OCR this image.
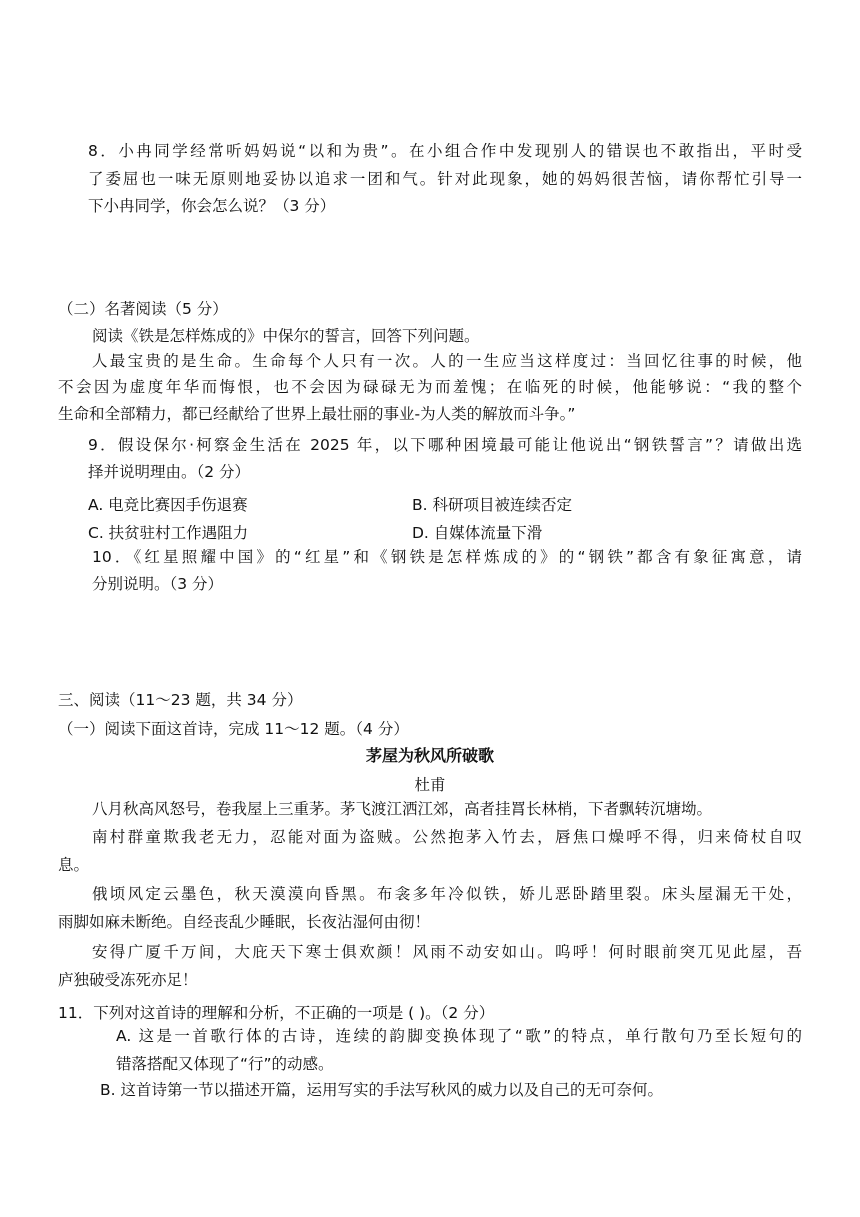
8．小冉同学经常听妈妈说“以和为贵”。在小组合作中发现别人的错误也不敢指出，平时受
了委屈也一味无原则地妥协以追求一团和气。针对此现象，她的妈妈很苦恼，请你帮忙引导一
下小冉同学，你会怎么说？（3 分）
（二）名著阅读（5 分）
阅读《铁是怎样炼成的》中保尔的誓言，回答下列问题。
人最宝贵的是生命。生命每个人只有一次。人的一生应当这样度过：当回忆往事的时候，他
不会因为虚度年华而悔恨，也不会因为碌碌无为而羞愧；在临死的时候，他能够说：“我的整个
生命和全部精力，都已经献给了世界上最壮丽的事业-为人类的解放而斗争。”
9．假设保尔·柯察金生活在 2025 年，以下哪种困境最可能让他说出“钢铁誓言”？请做出选
择并说明理由。（2 分）
A. 电竞比赛因手伤退赛	B. 科研项目被连续否定
C. 扶贫驻村工作遇阻力	D. 自媒体流量下滑
10．《红星照耀中国》的“红星”和《钢铁是怎样炼成的》的“钢铁”都含有象征寓意，请
分别说明。（3 分）
三、阅读（11～23 题，共 34 分）
（一）阅读下面这首诗，完成 11～12 题。（4 分）
茅屋为秋风所破歌
杜甫
八月秋高风怒号，卷我屋上三重茅。茅飞渡江洒江郊，高者挂罥长林梢，下者飘转沉塘坳。
南村群童欺我老无力，忍能对面为盗贼。公然抱茅入竹去，唇焦口燥呼不得，归来倚杖自叹
息。
俄顷风定云墨色，秋天漠漠向昏黑。布衾多年冷似铁，娇儿恶卧踏里裂。床头屋漏无干处，
雨脚如麻未断绝。自经丧乱少睡眠，长夜沾湿何由彻！
安得广厦千万间，大庇天下寒士俱欢颜！风雨不动安如山。呜呼！何时眼前突兀见此屋，吾
庐独破受冻死亦足！
11．下列对这首诗的理解和分析，不正确的一项是 ( )。（2 分）
A. 这是一首歌行体的古诗，连续的韵脚变换体现了“歌”的特点，单行散句乃至长短句的
错落搭配又体现了“行”的动感。
B. 这首诗第一节以描述开篇，运用写实的手法写秋风的威力以及自己的无可奈何。
